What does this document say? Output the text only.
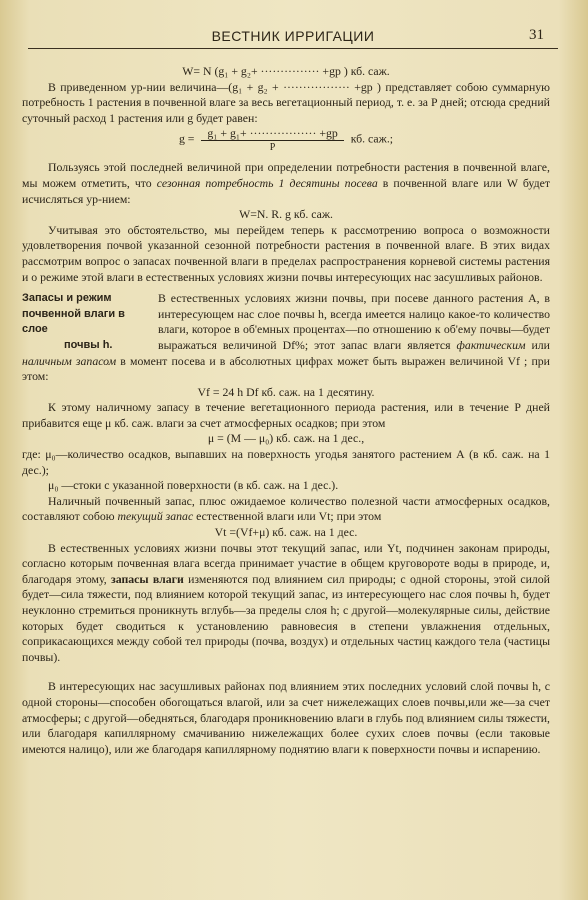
ВЕСТНИК ИРРИГАЦИИ	31

W= N (g₁ + g₂+ ··············· +gp ) кб. саж.

В приведенном ур-нии величина—(g₁ + g₂ + ················· +gp ) представляет собою суммарную потребность 1 растения в почвенной влаге за весь вегетационный период, т. е. за P дней; отсюда средний суточный расход 1 растения или g будет равен:

$g = \frac{\text{g₁ + g₁+ ················· +gp}}{P}$ кб. саж.;

Пользуясь этой последней величиной при определении потребности растения в почвенной влаге, мы можем отметить, что сезонная потребность 1 десятины посева в почвенной влаге или W будет исчисляться ур-нием:

W=N. R. g кб. саж.

Учитывая это обстоятельство, мы перейдем теперь к рассмотрению вопроса о возможности удовлетворения почвой указанной сезонной потребности растения в почвенной влаге. В этих видах рассмотрим вопрос о запасах почвенной влаги в пределах распространения корневой системы растения и о режиме этой влаги в естественных условиях жизни почвы интересующих нас засушливых районов.

Запасы и режим почвенной влаги в слое
почвы h.

В естественных условиях жизни почвы, при посеве данного растения А, в интересующем нас слое почвы h, всегда имеется налицо какое-то количество влаги, которое в об'емных процентах—по отношению к об'ему почвы—будет выражаться величиной Df%; этот запас влаги является фактическим или наличным запасом в момент посева и в абсолютных цифрах может быть выражен величиной Vf ; при этом:

Vf = 24 h Df кб. саж. на 1 десятину.

К этому наличному запасу в течение вегетационного периода растения, или в течение P дней прибавится еще μ кб. саж. влаги за счет атмосферных осадков; при этом

μ = (M — μ₀) кб. саж. на 1 дес.,

где: μ₀—количество осадков, выпавших на поверхность угодья занятого растением А (в кб. саж. на 1 дес.);

μ₀ —стоки с указанной поверхности (в кб. саж. на 1 дес.).

Наличный почвенный запас, плюс ожидаемое количество полезной части атмосферных осадков, составляют собою текущий запас естественной влаги или Vt; при этом

Vt =(Vf+μ) кб. саж. на 1 дес.

В естественных условиях жизни почвы этот текущий запас, или Yt, подчинен законам природы, согласно которым почвенная влага всегда принимает участие в общем круговороте воды в природе, и, благодаря этому, запасы влаги изменяются под влиянием сил природы; с одной стороны, этой силой будет—сила тяжести, под влиянием которой текущий запас, из интересующего нас слоя почвы h, будет неуклонно стремиться проникнуть вглубь—за пределы слоя h; с другой—молекулярные силы, действие которых будет сводиться к установлению равновесия в степени увлажнения отдельных, соприкасающихся между собой тел природы (почва, воздух) и отдельных частиц каждого тела (частицы почвы).

В интересующих нас засушливых районах под влиянием этих последних условий слой почвы h, с одной стороны—способен обогощаться влагой, или за счет нижележащих слоев почвы,или же—за счет атмосферы; с другой—обедняться, благодаря проникновению влаги в глубь под влиянием силы тяжести, или благодаря капиллярному смачиванию нижележащих более сухих слоев почвы (если таковые имеются налицо), или же благодаря капиллярному поднятию влаги к поверхности почвы и испарению.
